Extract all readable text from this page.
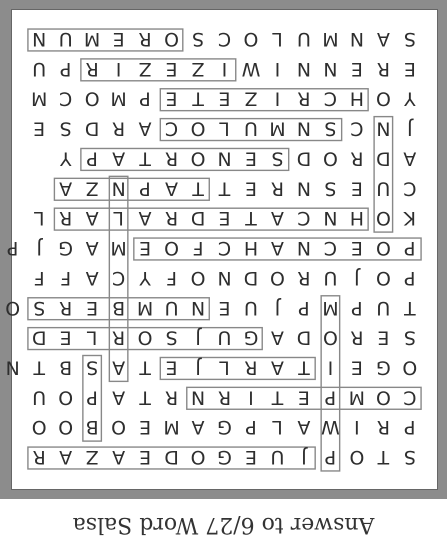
S
T
O
P
J
U
E
G
O
D
E
A
Z
A
R
P
R
I
W
A
L
P
G
A
M
E
O
B
O
O
C
O
M
P
E
T
I
R
N
R
T
A
P
O
U
O
G
E
I
T
A
R
L
J
E
T
A
S
B
T
N
S
E
R
O
D
A
G
U
J
S
O
R
L
E
D
T
U
P
M
P
J
U
E
N
U
M
B
E
R
S
O
P
O
J
U
R
O
D
N
O
F
Y
C
A
F
F
P
O
E
C
N
A
H
C
F
O
E
M
A
G
J
P
K
O
H
N
C
A
T
E
D
R
A
L
A
R
L
C
U
E
S
N
R
E
T
T
A
P
N
Z
A
A
D
R
O
D
S
E
N
O
R
T
A
P
Y
J
N
C
S
N
M
U
L
O
C
A
R
D
S
E
Y
O
H
C
R
I
Z
E
T
E
P
M
O
C
M
E
R
E
N
N
I
W
I
Z
E
Z
I
R
P
U
S
A
N
M
U
L
O
C
S
O
R
E
M
U
N
Answer to 6/27 Word Salsa
